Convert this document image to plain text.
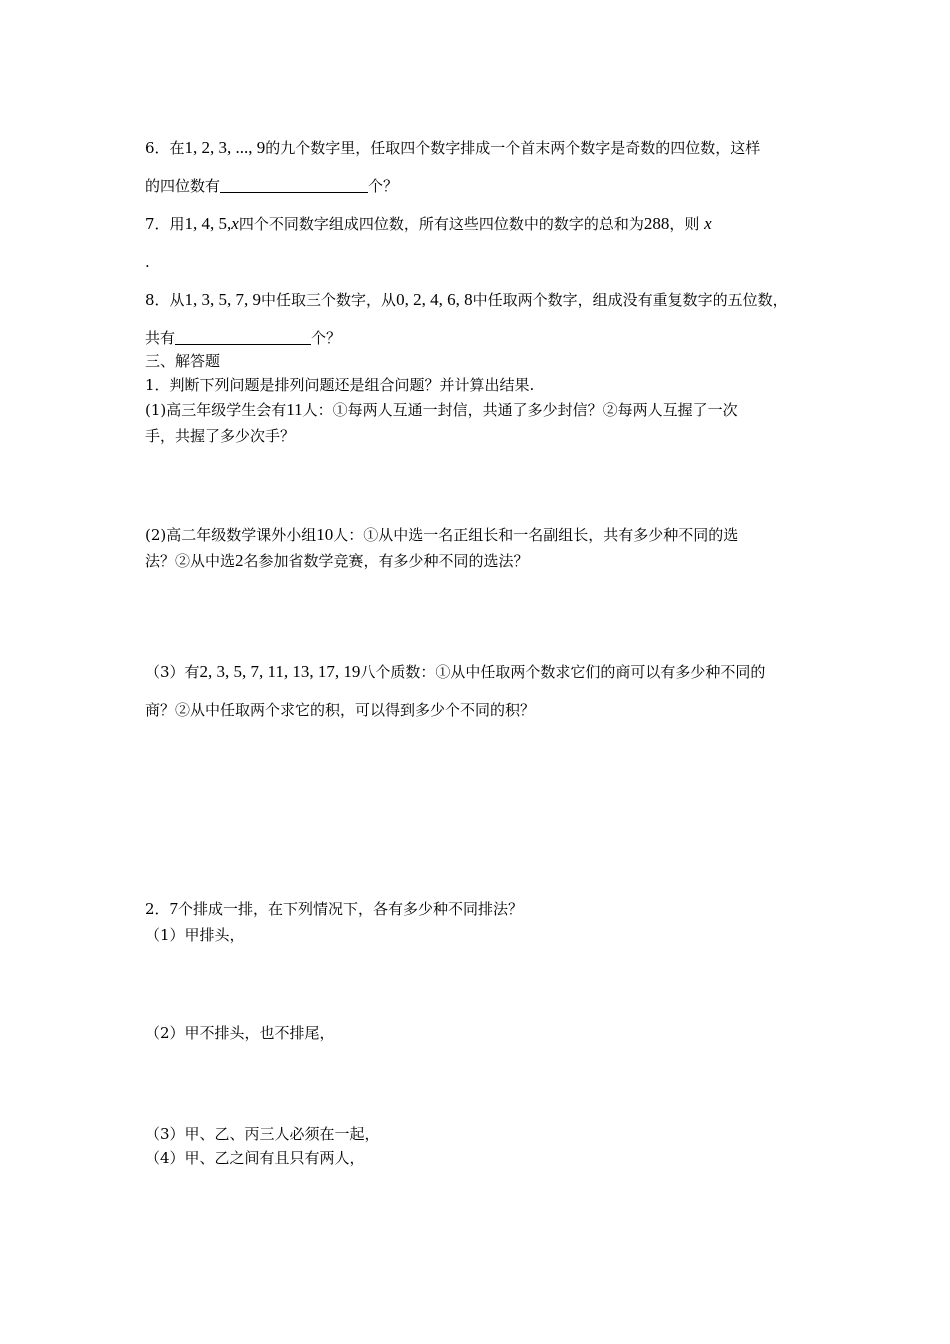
6．在1, 2, 3, ..., 9的九个数字里，任取四个数字排成一个首末两个数字是奇数的四位数，这样
的四位数有	个？
7．用1, 4, 5,x四个不同数字组成四位数，所有这些四位数中的数字的总和为288，则 x
.
8．从1, 3, 5, 7, 9中任取三个数字，从0, 2, 4, 6, 8中任取两个数字，组成没有重复数字的五位数，
共有	个？
三、解答题
1．判断下列问题是排列问题还是组合问题？并计算出结果.
(1)高三年级学生会有11人：①每两人互通一封信，共通了多少封信？②每两人互握了一次
手，共握了多少次手？
(2)高二年级数学课外小组10人：①从中选一名正组长和一名副组长，共有多少种不同的选
法？②从中选2名参加省数学竞赛，有多少种不同的选法？
（3）有2, 3, 5, 7, 11, 13, 17, 19八个质数：①从中任取两个数求它们的商可以有多少种不同的
商？②从中任取两个求它的积，可以得到多少个不同的积？
2．7个排成一排，在下列情况下，各有多少种不同排法？
（1）甲排头，
（2）甲不排头，也不排尾，
（3）甲、乙、丙三人必须在一起，
（4）甲、乙之间有且只有两人，
